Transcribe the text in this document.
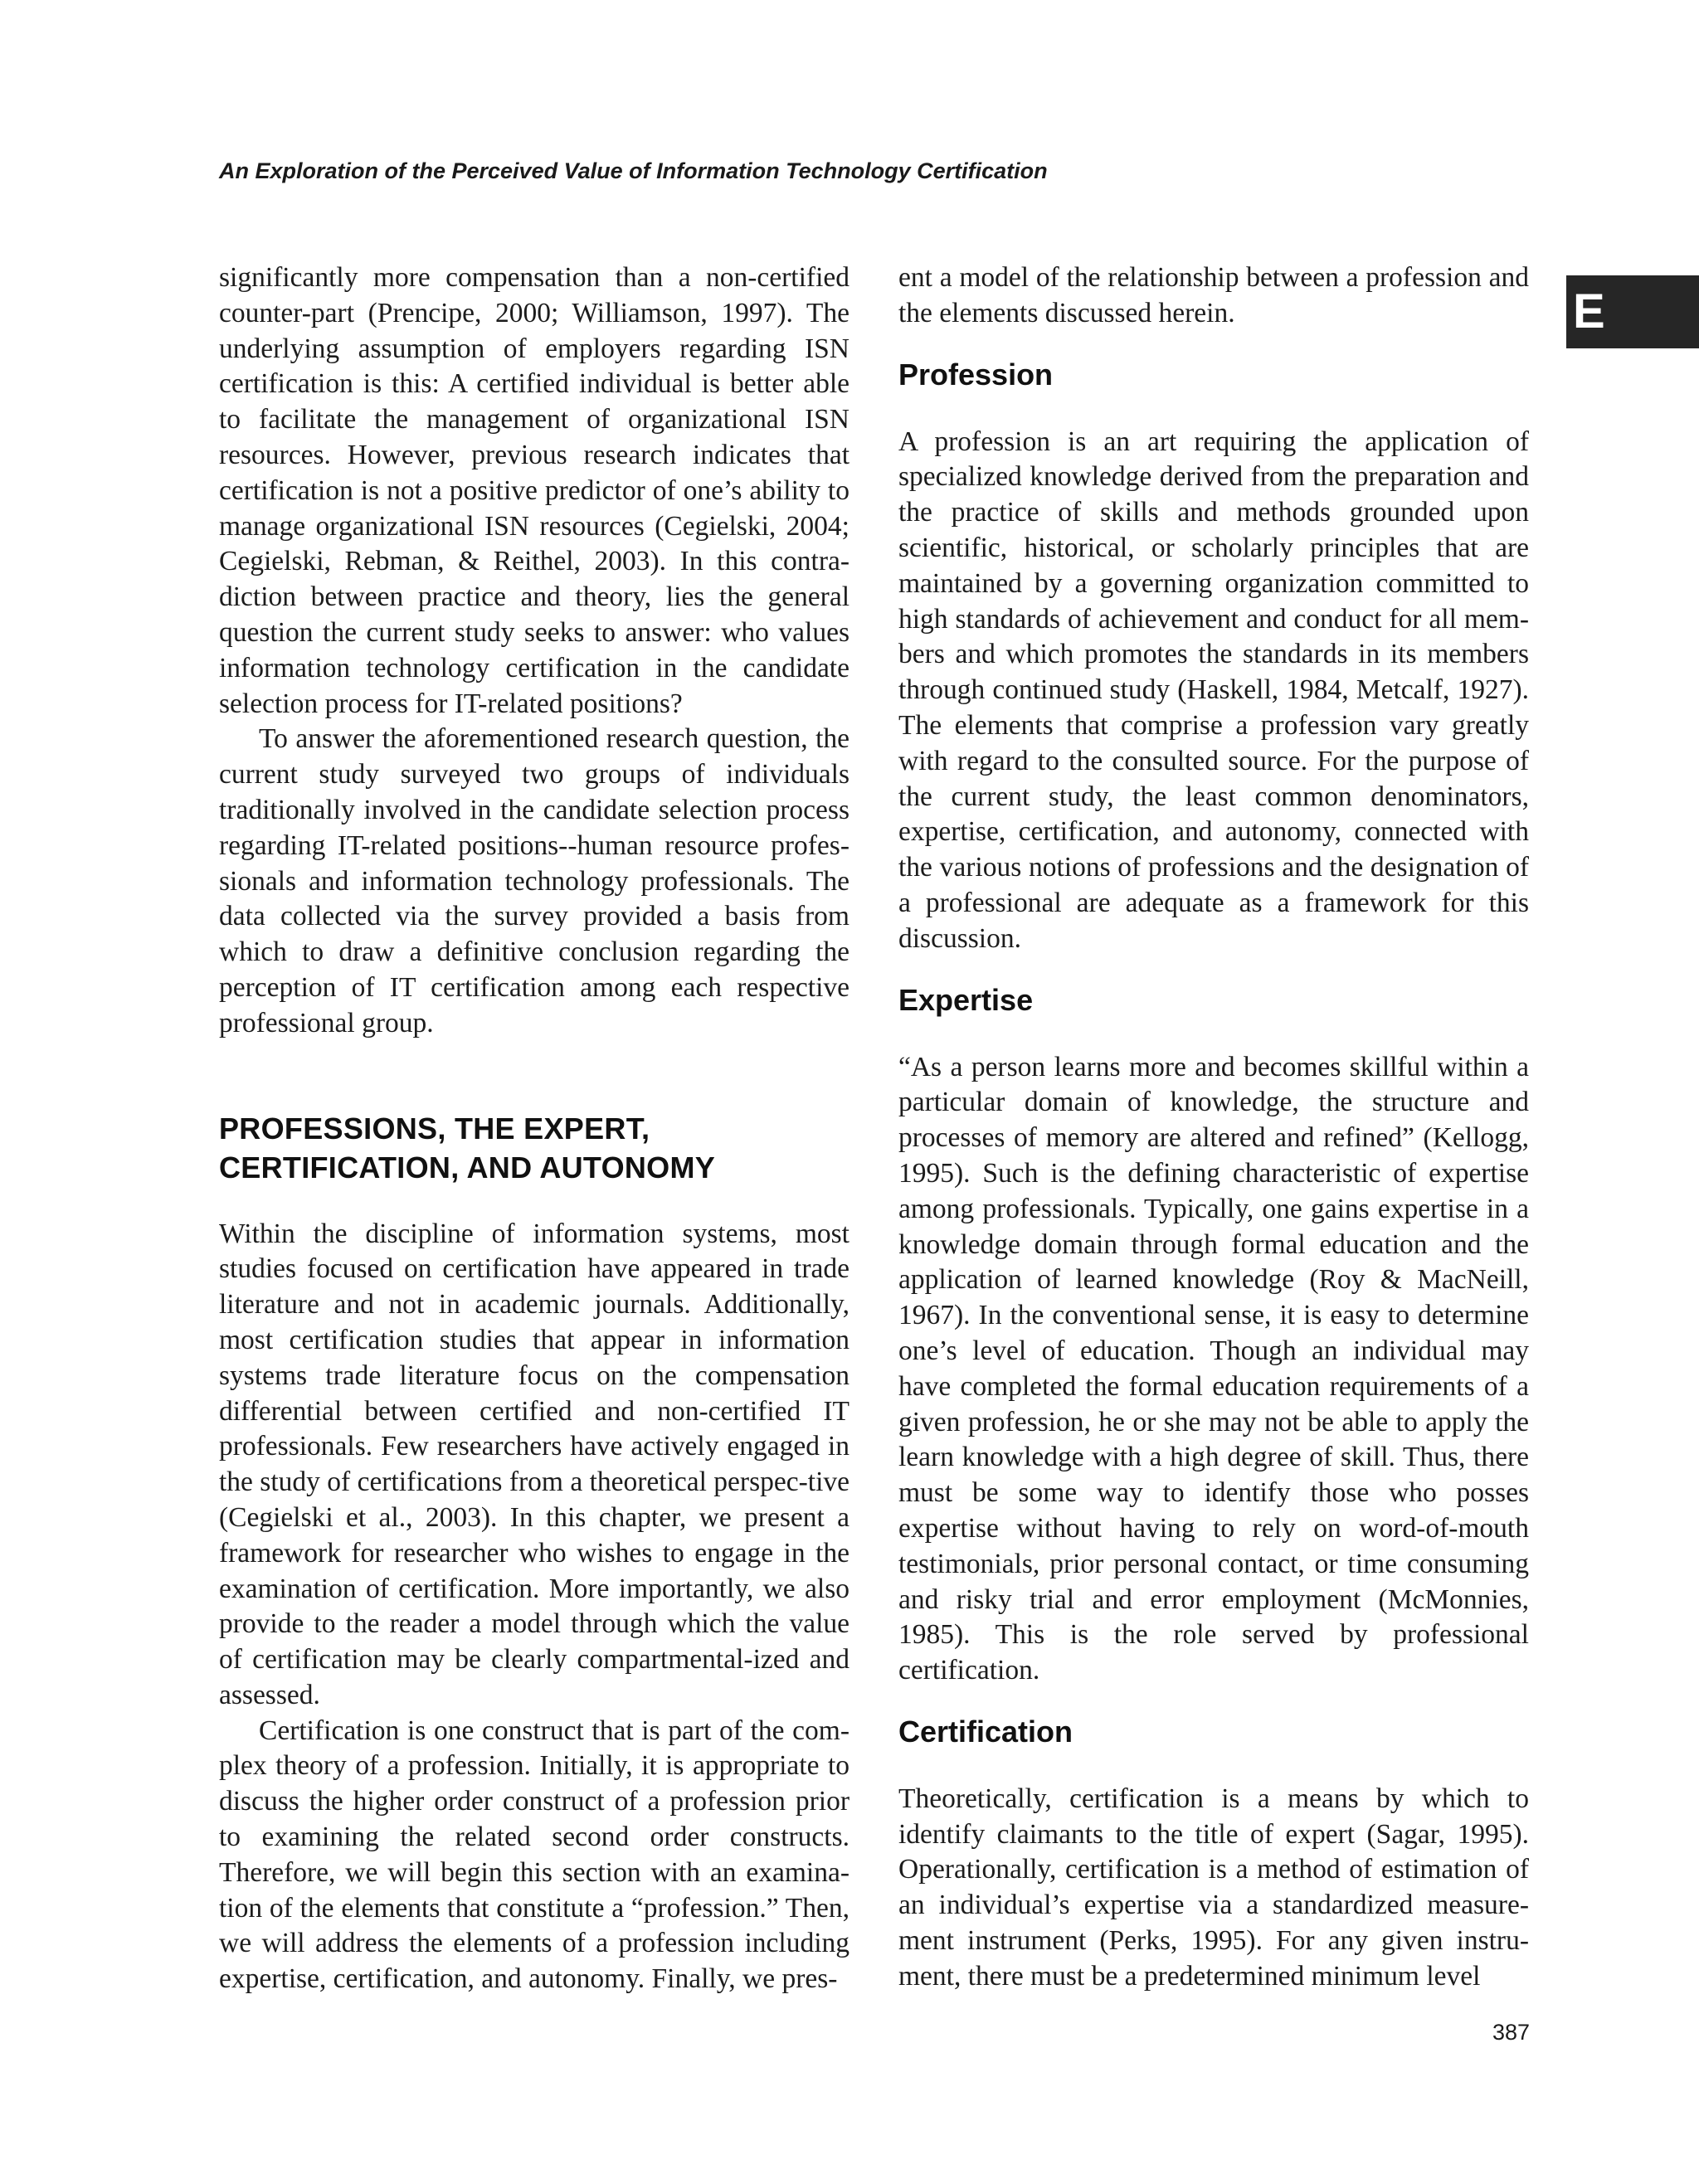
An Exploration of the Perceived Value of Information Technology Certification
E

significantly more compensation than a non-certified counter-part (Prencipe, 2000; Williamson, 1997). The underlying assumption of employers regarding ISN certification is this: A certified individual is better able to facilitate the management of organizational ISN resources. However, previous research indicates that certification is not a positive predictor of one’s ability to manage organizational ISN resources (Cegielski, 2004; Cegielski, Rebman, & Reithel, 2003). In this contra-diction between practice and theory, lies the general question the current study seeks to answer: who values information technology certification in the candidate selection process for IT-related positions?

To answer the aforementioned research question, the current study surveyed two groups of individuals traditionally involved in the candidate selection process regarding IT-related positions--human resource profes-sionals and information technology professionals. The data collected via the survey provided a basis from which to draw a definitive conclusion regarding the perception of IT certification among each respective professional group.

PROFESSIONS, THE EXPERT,
CERTIFICATION, AND AUTONOMY

Within the discipline of information systems, most studies focused on certification have appeared in trade literature and not in academic journals. Additionally, most certification studies that appear in information systems trade literature focus on the compensation differential between certified and non-certified IT professionals. Few researchers have actively engaged in the study of certifications from a theoretical perspec-tive (Cegielski et al., 2003). In this chapter, we present a framework for researcher who wishes to engage in the examination of certification. More importantly, we also provide to the reader a model through which the value of certification may be clearly compartmental-ized and assessed.

Certification is one construct that is part of the com-plex theory of a profession. Initially, it is appropriate to discuss the higher order construct of a profession prior to examining the related second order constructs. Therefore, we will begin this section with an examina-tion of the elements that constitute a “profession.” Then, we will address the elements of a profession including expertise, certification, and autonomy. Finally, we pres-

ent a model of the relationship between a profession and the elements discussed herein.

Profession

A profession is an art requiring the application of specialized knowledge derived from the preparation and the practice of skills and methods grounded upon scientific, historical, or scholarly principles that are maintained by a governing organization committed to high standards of achievement and conduct for all mem-bers and which promotes the standards in its members through continued study (Haskell, 1984, Metcalf, 1927). The elements that comprise a profession vary greatly with regard to the consulted source. For the purpose of the current study, the least common denominators, expertise, certification, and autonomy, connected with the various notions of professions and the designation of a professional are adequate as a framework for this discussion.

Expertise

“As a person learns more and becomes skillful within a particular domain of knowledge, the structure and processes of memory are altered and refined” (Kellogg, 1995). Such is the defining characteristic of expertise among professionals. Typically, one gains expertise in a knowledge domain through formal education and the application of learned knowledge (Roy & MacNeill, 1967). In the conventional sense, it is easy to determine one’s level of education. Though an individual may have completed the formal education requirements of a given profession, he or she may not be able to apply the learn knowledge with a high degree of skill. Thus, there must be some way to identify those who posses expertise without having to rely on word-of-mouth testimonials, prior personal contact, or time consuming and risky trial and error employment (McMonnies, 1985). This is the role served by professional certification.

Certification

Theoretically, certification is a means by which to identify claimants to the title of expert (Sagar, 1995). Operationally, certification is a method of estimation of an individual’s expertise via a standardized measure-ment instrument (Perks, 1995). For any given instru-ment, there must be a predetermined minimum level

387
